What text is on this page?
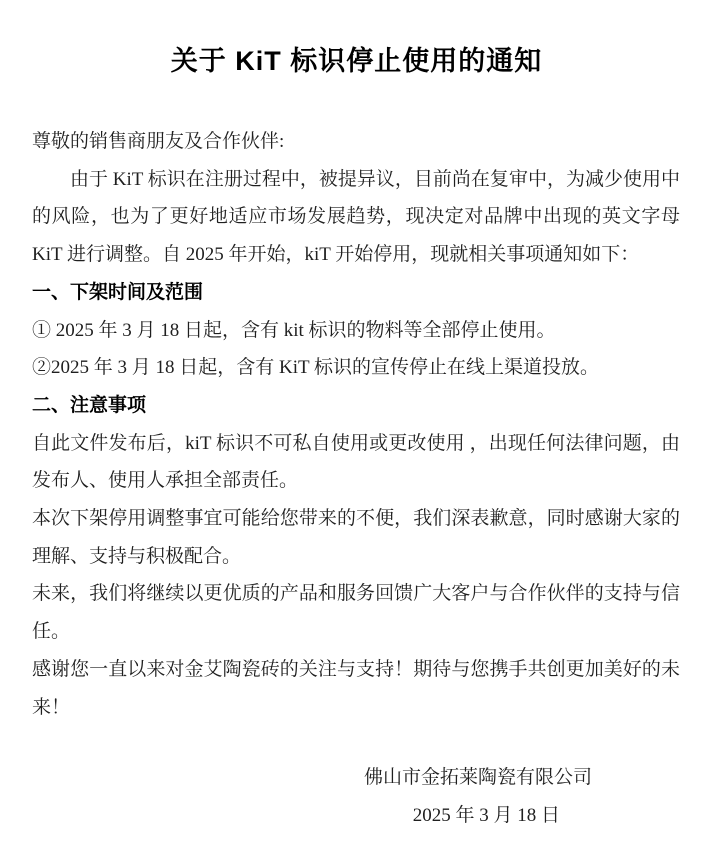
关于 KiT 标识停止使用的通知
尊敬的销售商朋友及合作伙伴:
由于 KiT 标识在注册过程中，被提异议，目前尚在复审中，为减少使用中的风险，也为了更好地适应市场发展趋势，现决定对品牌中出现的英文字母 KiT 进行调整。自 2025 年开始，kiT 开始停用，现就相关事项通知如下：
一、下架时间及范围
① 2025 年 3 月 18 日起，含有 kit 标识的物料等全部停止使用。
②2025 年 3 月 18 日起，含有 KiT 标识的宣传停止在线上渠道投放。
二、注意事项
自此文件发布后，kiT 标识不可私自使用或更改使用 ，出现任何法律问题，由发布人、使用人承担全部责任。
本次下架停用调整事宜可能给您带来的不便，我们深表歉意，同时感谢大家的理解、支持与积极配合。
未来，我们将继续以更优质的产品和服务回馈广大客户与合作伙伴的支持与信任。
感谢您一直以来对金艾陶瓷砖的关注与支持！期待与您携手共创更加美好的未来！
佛山市金拓莱陶瓷有限公司
2025 年 3 月 18 日
